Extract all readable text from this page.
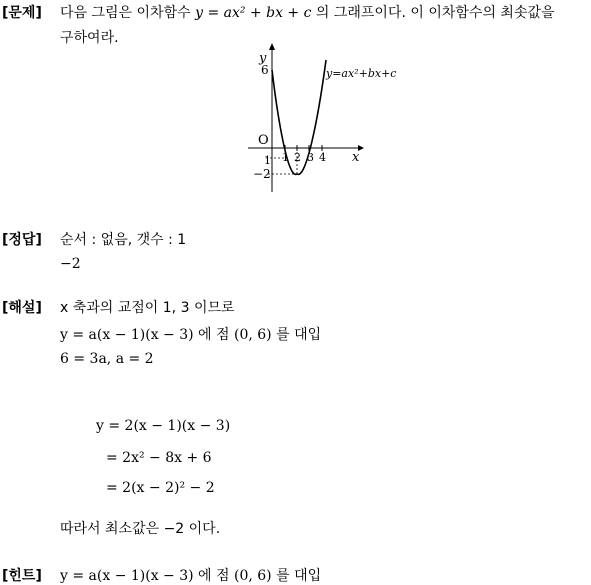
[문제] 다음 그림은 이차함수 y = ax² + bx + c 의 그래프이다. 이 이차함수의 최솟값을
구하여라.
y
x
O
y=ax²+bx+c
6
1
−2
1 2 3 4
[정답] 순서 : 없음, 갯수 : 1
−2
[해설] x 축과의 교점이 1, 3 이므로
y = a(x − 1)(x − 3) 에 점 (0, 6) 를 대입
6 = 3a, a = 2
y = 2(x − 1)(x − 3)
= 2x² − 8x + 6
= 2(x − 2)² − 2
따라서 최소값은 −2 이다.
[힌트] y = a(x − 1)(x − 3) 에 점 (0, 6) 를 대입
